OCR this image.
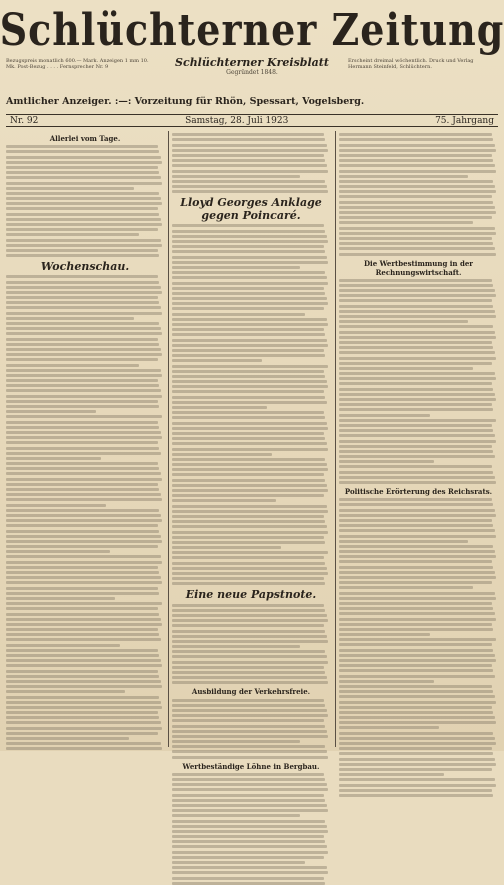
Schlüchterner Zeitung
Bezugspreis monatlich 600.— Mark. Anzeigen 1 mm 10. Mk. Post-Bezug . . . . Fernsprecher Nr. 9	Schlüchterner Kreisblatt
Gegründet 1848.
Erscheint dreimal wöchentlich. Druck und Verlag Hermann Steinfeld, Schlüchtern.
Amtlicher Anzeiger. :—: Vorzeitung für Rhön, Spessart, Vogelsberg.
Nr. 92	Samstag, 28. Juli 1923	75. Jahrgang
Allerlei vom Tage.
Wochenschau.
Lloyd Georges Anklage gegen Poincaré.
Eine neue Papstnote.
Ausbildung der Verkehrsfreie.
Wertbeständige Löhne in Bergbau.
Die Wertbestimmung in der Rechnungswirtschaft.
Politische Erörterung des Reichsrats.
